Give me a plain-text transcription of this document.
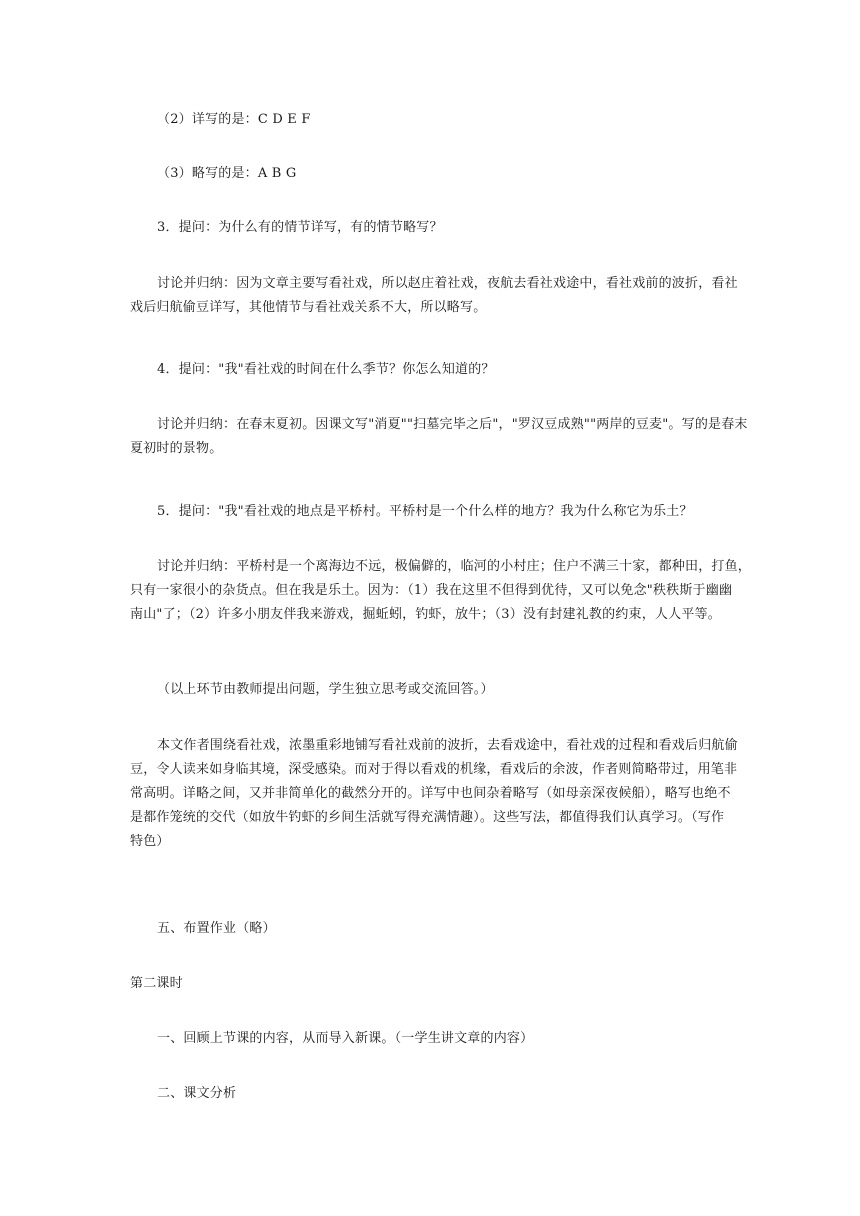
（2）详写的是：C D E F

（3）略写的是：A B G

3．提问：为什么有的情节详写，有的情节略写？

讨论并归纳：因为文章主要写看社戏，所以赵庄着社戏，夜航去看社戏途中，看社戏前的波折，看社
戏后归航偷豆详写，其他情节与看社戏关系不大，所以略写。

4．提问："我"看社戏的时间在什么季节？你怎么知道的？

讨论并归纳：在春末夏初。因课文写"消夏""扫墓完毕之后"，"罗汉豆成熟""两岸的豆麦"。写的是春末
夏初时的景物。

5．提问："我"看社戏的地点是平桥村。平桥村是一个什么样的地方？我为什么称它为乐土？

讨论并归纳：平桥村是一个离海边不远，极偏僻的，临河的小村庄；住户不满三十家，都种田，打鱼，
只有一家很小的杂货点。但在我是乐土。因为：（1）我在这里不但得到优待，又可以免念"秩秩斯于幽幽
南山"了；（2）许多小朋友伴我来游戏，掘蚯蚓，钓虾，放牛；（3）没有封建礼教的约束，人人平等。

（以上环节由教师提出问题，学生独立思考或交流回答。）

本文作者围绕看社戏，浓墨重彩地铺写看社戏前的波折，去看戏途中，看社戏的过程和看戏后归航偷
豆，令人读来如身临其境，深受感染。而对于得以看戏的机缘，看戏后的余波，作者则简略带过，用笔非
常高明。详略之间，又并非简单化的截然分开的。详写中也间杂着略写（如母亲深夜候船），略写也绝不
是都作笼统的交代（如放牛钓虾的乡间生活就写得充满情趣）。这些写法，都值得我们认真学习。（写作
特色）

五、布置作业（略）

第二课时

一、回顾上节课的内容，从而导入新课。（一学生讲文章的内容）

二、课文分析
